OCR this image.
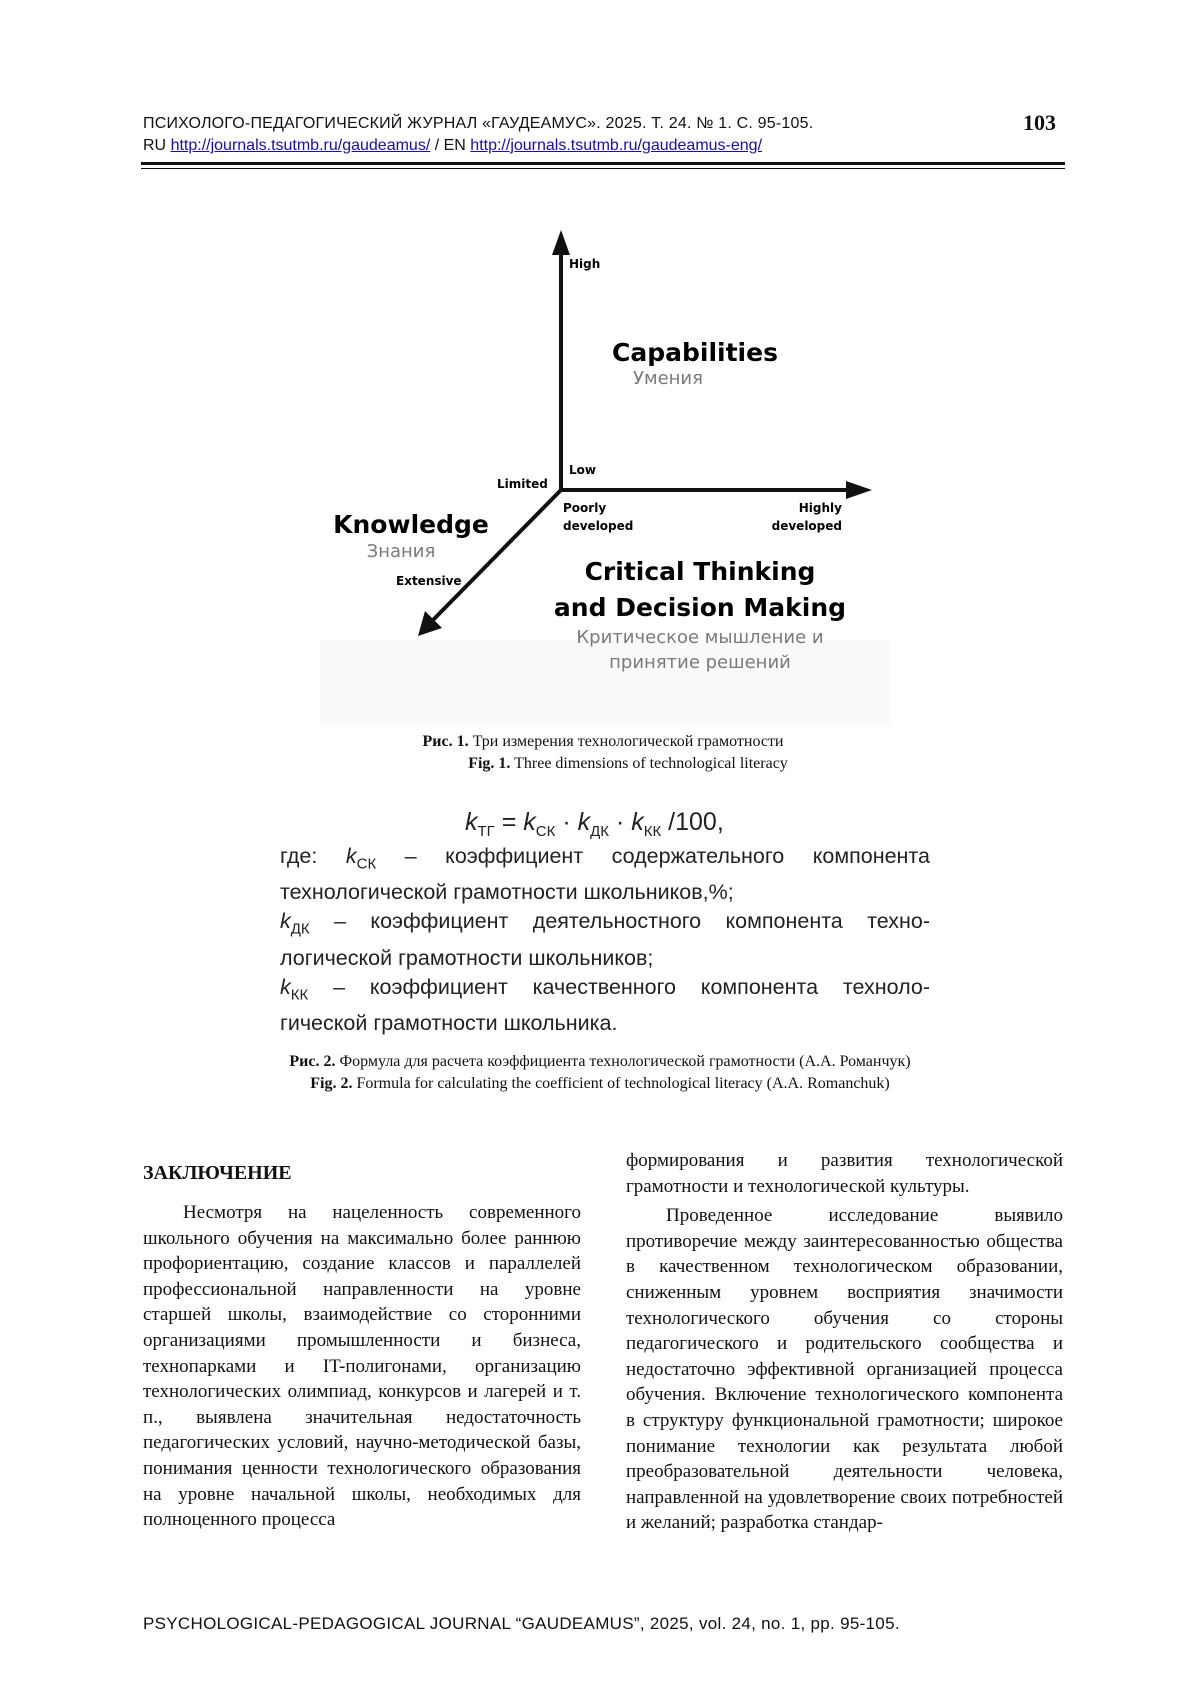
ПСИХОЛОГО-ПЕДАГОГИЧЕСКИЙ ЖУРНАЛ «ГАУДЕАМУС». 2025. Т. 24. № 1. С. 95-105.
RU http://journals.tsutmb.ru/gaudeamus/ / EN http://journals.tsutmb.ru/gaudeamus-eng/
103
High
Low
Limited
Extensive
Poorly
developed
Highly
developed
Capabilities
Умения
Knowledge
Знания
Critical Thinking
and Decision Making
Критическое мышление и
принятие решений
Рис. 1. Три измерения технологической грамотности
Fig. 1. Three dimensions of technological literacy
$k_{ТГ} = k_{СК} \cdot k_{ДК} \cdot k_{КК}$ /100,
где: $k_{СК}$ – коэффициент содержательного компонента
технологической грамотности школьников,%;
$k_{ДК}$ – коэффициент деятельностного компонента техно-
логической грамотности школьников;
$k_{КК}$ – коэффициент качественного компонента техноло-
гической грамотности школьника.
Рис. 2. Формула для расчета коэффициента технологической грамотности (А.А. Романчук)
Fig. 2. Formula for calculating the coefficient of technological literacy (A.A. Romanchuk)
ЗАКЛЮЧЕНИЕ

Несмотря на нацеленность современного школьного обучения на максимально более раннюю профориентацию, создание классов и параллелей профессиональной направленности на уровне старшей школы, взаимодействие со сторонними организациями промышленности и бизнеса, технопарками и IT-полигонами, организацию технологических олимпиад, конкурсов и лагерей и т. п., выявлена значительная недостаточность педагогических условий, научно-методической базы, понимания ценности технологического образования на уровне начальной школы, необходимых для полноценного процесса

формирования и развития технологической грамотности и технологической культуры.

Проведенное исследование выявило противоречие между заинтересованностью общества в качественном технологическом образовании, сниженным уровнем восприятия значимости технологического обучения со стороны педагогического и родительского сообщества и недостаточно эффективной организацией процесса обучения. Включение технологического компонента в структуру функциональной грамотности; широкое понимание технологии как результата любой преобразовательной деятельности человека, направленной на удовлетворение своих потребностей и желаний; разработка стандар-

PSYCHOLOGICAL-PEDAGOGICAL JOURNAL “GAUDEAMUS”, 2025, vol. 24, no. 1, pp. 95-105.
